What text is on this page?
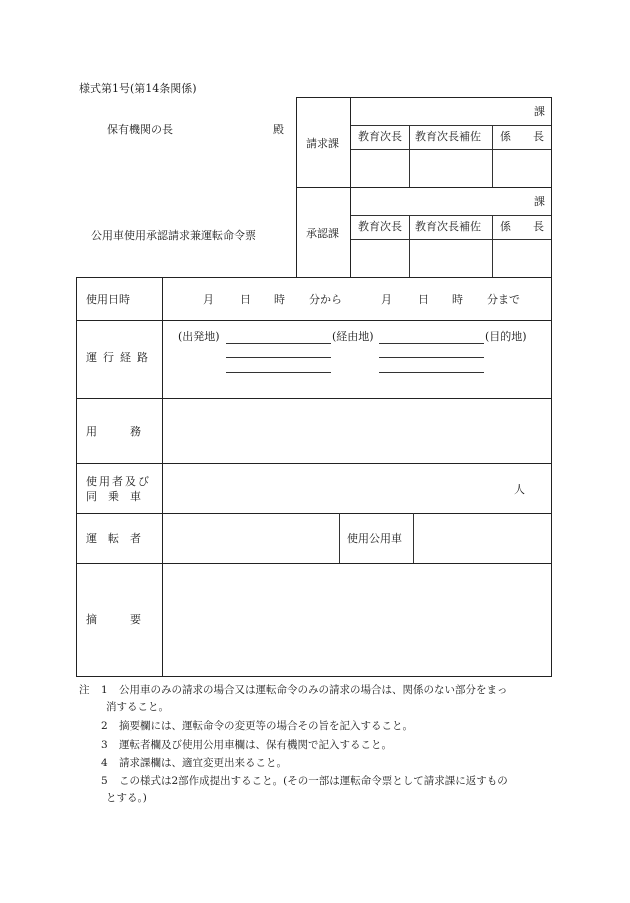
様式第1号(第14条関係)
保有機関の長	殿
公用車使用承認請求兼運転命令票
請求課
課
教育次長 教育次長補佐 係　　長
承認課
課
教育次長 教育次長補佐 係　　長
使用日時	月 日 時 分から	月 日 時 分まで
運行経路
(出発地)	(経由地)	(目的地)
用　　　務
使用者及び
同　乗　車
人
運　転　者	使用公用車
摘　　　要
注 1 公用車のみの請求の場合又は運転命令のみの請求の場合は、関係のない部分をまっ
消すること。
2 摘要欄には、運転命令の変更等の場合その旨を記入すること。
3 運転者欄及び使用公用車欄は、保有機関で記入すること。
4 請求課欄は、適宜変更出来ること。
5 この様式は2部作成提出すること。(その一部は運転命令票として請求課に返すもの
とする。)
